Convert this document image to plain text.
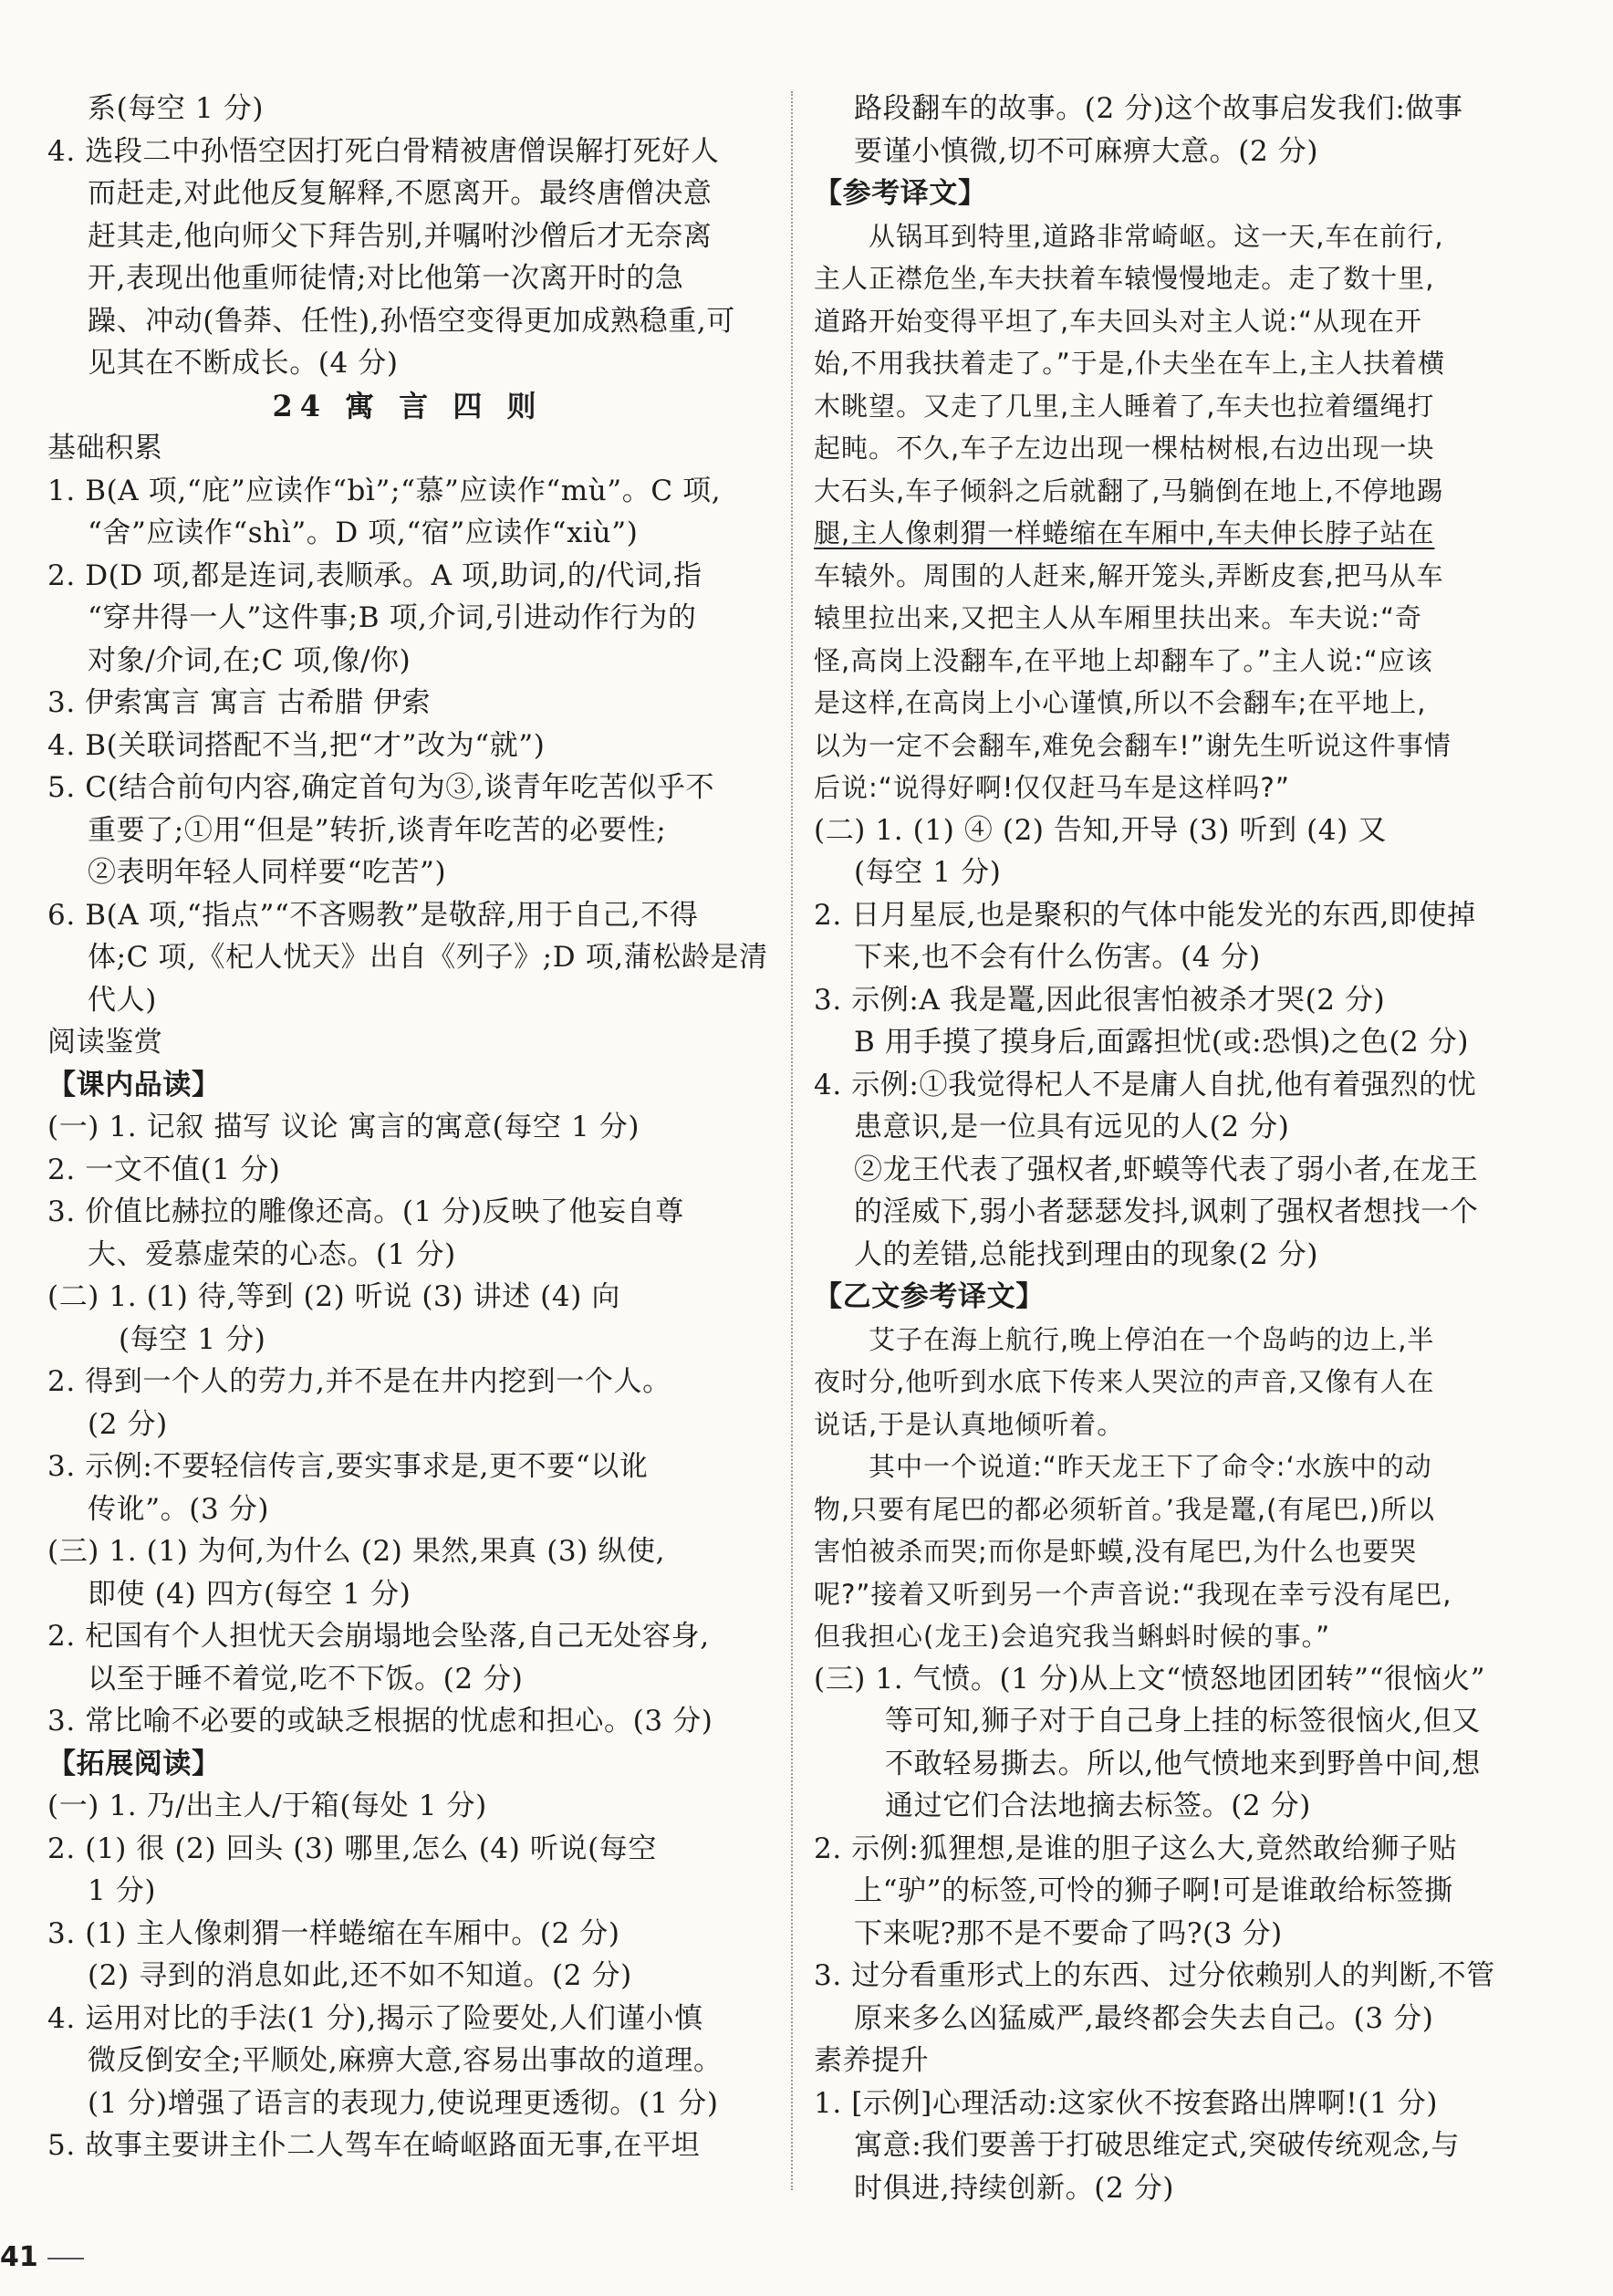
系(每空 1 分)
4. 选段二中孙悟空因打死白骨精被唐僧误解打死好人
而赶走,对此他反复解释,不愿离开。最终唐僧决意
赶其走,他向师父下拜告别,并嘱咐沙僧后才无奈离
开,表现出他重师徒情;对比他第一次离开时的急
躁、冲动(鲁莽、任性),孙悟空变得更加成熟稳重,可
见其在不断成长。(4 分)
24 寓 言 四 则
基础积累
1. B(A 项,“庇”应读作“bì”;“慕”应读作“mù”。C 项,
“舍”应读作“shì”。D 项,“宿”应读作“xiù”)
2. D(D 项,都是连词,表顺承。A 项,助词,的/代词,指
“穿井得一人”这件事;B 项,介词,引进动作行为的
对象/介词,在;C 项,像/你)
3. 伊索寓言 寓言 古希腊 伊索
4. B(关联词搭配不当,把“才”改为“就”)
5. C(结合前句内容,确定首句为③,谈青年吃苦似乎不
重要了;①用“但是”转折,谈青年吃苦的必要性;
②表明年轻人同样要“吃苦”)
6. B(A 项,“指点”“不吝赐教”是敬辞,用于自己,不得
体;C 项,《杞人忧天》出自《列子》;D 项,蒲松龄是清
代人)
阅读鉴赏
【课内品读】
(一) 1. 记叙 描写 议论 寓言的寓意(每空 1 分)
2. 一文不值(1 分)
3. 价值比赫拉的雕像还高。(1 分)反映了他妄自尊
大、爱慕虚荣的心态。(1 分)
(二) 1. (1) 待,等到 (2) 听说 (3) 讲述 (4) 向
(每空 1 分)
2. 得到一个人的劳力,并不是在井内挖到一个人。
(2 分)
3. 示例:不要轻信传言,要实事求是,更不要“以讹
传讹”。(3 分)
(三) 1. (1) 为何,为什么 (2) 果然,果真 (3) 纵使,
即使 (4) 四方(每空 1 分)
2. 杞国有个人担忧天会崩塌地会坠落,自己无处容身,
以至于睡不着觉,吃不下饭。(2 分)
3. 常比喻不必要的或缺乏根据的忧虑和担心。(3 分)
【拓展阅读】
(一) 1. 乃/出主人/于箱(每处 1 分)
2. (1) 很 (2) 回头 (3) 哪里,怎么 (4) 听说(每空
1 分)
3. (1) 主人像刺猬一样蜷缩在车厢中。(2 分)
(2) 寻到的消息如此,还不如不知道。(2 分)
4. 运用对比的手法(1 分),揭示了险要处,人们谨小慎
微反倒安全;平顺处,麻痹大意,容易出事故的道理。
(1 分)增强了语言的表现力,使说理更透彻。(1 分)
5. 故事主要讲主仆二人驾车在崎岖路面无事,在平坦
路段翻车的故事。(2 分)这个故事启发我们:做事
要谨小慎微,切不可麻痹大意。(2 分)
【参考译文】
从锅耳到特里,道路非常崎岖。这一天,车在前行,
主人正襟危坐,车夫扶着车辕慢慢地走。走了数十里,
道路开始变得平坦了,车夫回头对主人说:“从现在开
始,不用我扶着走了。”于是,仆夫坐在车上,主人扶着横
木眺望。又走了几里,主人睡着了,车夫也拉着缰绳打
起盹。不久,车子左边出现一棵枯树根,右边出现一块
大石头,车子倾斜之后就翻了,马躺倒在地上,不停地踢
腿,主人像刺猬一样蜷缩在车厢中,车夫伸长脖子站在
车辕外。周围的人赶来,解开笼头,弄断皮套,把马从车
辕里拉出来,又把主人从车厢里扶出来。车夫说:“奇
怪,高岗上没翻车,在平地上却翻车了。”主人说:“应该
是这样,在高岗上小心谨慎,所以不会翻车;在平地上,
以为一定不会翻车,难免会翻车!”谢先生听说这件事情
后说:“说得好啊!仅仅赶马车是这样吗?”
(二) 1. (1) ④ (2) 告知,开导 (3) 听到 (4) 又
(每空 1 分)
2. 日月星辰,也是聚积的气体中能发光的东西,即使掉
下来,也不会有什么伤害。(4 分)
3. 示例:A 我是鼍,因此很害怕被杀才哭(2 分)
B 用手摸了摸身后,面露担忧(或:恐惧)之色(2 分)
4. 示例:①我觉得杞人不是庸人自扰,他有着强烈的忧
患意识,是一位具有远见的人(2 分)
②龙王代表了强权者,虾蟆等代表了弱小者,在龙王
的淫威下,弱小者瑟瑟发抖,讽刺了强权者想找一个
人的差错,总能找到理由的现象(2 分)
【乙文参考译文】
艾子在海上航行,晚上停泊在一个岛屿的边上,半
夜时分,他听到水底下传来人哭泣的声音,又像有人在
说话,于是认真地倾听着。
其中一个说道:“昨天龙王下了命令:‘水族中的动
物,只要有尾巴的都必须斩首。’我是鼍,(有尾巴,)所以
害怕被杀而哭;而你是虾蟆,没有尾巴,为什么也要哭
呢?”接着又听到另一个声音说:“我现在幸亏没有尾巴,
但我担心(龙王)会追究我当蝌蚪时候的事。”
(三) 1. 气愤。(1 分)从上文“愤怒地团团转”“很恼火”
等可知,狮子对于自己身上挂的标签很恼火,但又
不敢轻易撕去。所以,他气愤地来到野兽中间,想
通过它们合法地摘去标签。(2 分)
2. 示例:狐狸想,是谁的胆子这么大,竟然敢给狮子贴
上“驴”的标签,可怜的狮子啊!可是谁敢给标签撕
下来呢?那不是不要命了吗?(3 分)
3. 过分看重形式上的东西、过分依赖别人的判断,不管
原来多么凶猛威严,最终都会失去自己。(3 分)
素养提升
1. [示例]心理活动:这家伙不按套路出牌啊!(1 分)
寓意:我们要善于打破思维定式,突破传统观念,与
时俱进,持续创新。(2 分)
41
